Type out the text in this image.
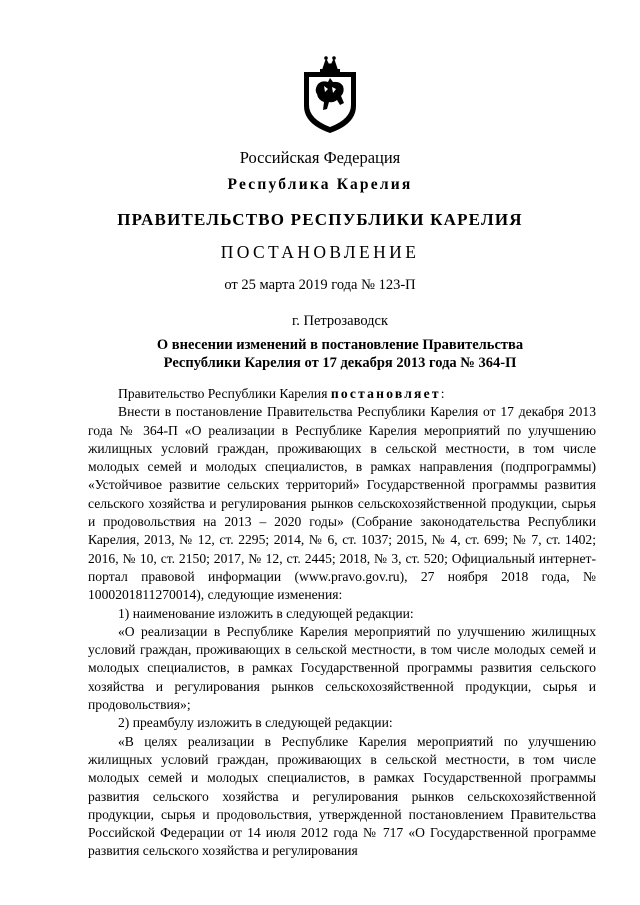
Российская Федерация
Республика Карелия
ПРАВИТЕЛЬСТВО РЕСПУБЛИКИ КАРЕЛИЯ
ПОСТАНОВЛЕНИЕ
от 25 марта 2019 года № 123-П
г. Петрозаводск
О внесении изменений в постановление Правительства
Республики Карелия от 17 декабря 2013 года № 364-П

Правительство Республики Карелия постановляет:

Внести в постановление Правительства Республики Карелия от 17 декабря 2013 года № 364-П «О реализации в Республике Карелия мероприятий по улучшению жилищных условий граждан, проживающих в сельской местности, в том числе молодых семей и молодых специалистов, в рамках направления (подпрограммы) «Устойчивое развитие сельских территорий» Государственной программы развития сельского хозяйства и регулирования рынков сельскохозяйственной продукции, сырья и продовольствия на 2013 – 2020 годы» (Собрание законодательства Республики Карелия, 2013, № 12, ст. 2295; 2014, № 6, ст. 1037; 2015, № 4, ст. 699; № 7, ст. 1402; 2016, № 10, ст. 2150; 2017, № 12, ст. 2445; 2018, № 3, ст. 520; Официальный интернет-портал правовой информации (www.pravo.gov.ru), 27 ноября 2018 года, № 1000201811270014), следующие изменения:

1) наименование изложить в следующей редакции:

«О реализации в Республике Карелия мероприятий по улучшению жилищных условий граждан, проживающих в сельской местности, в том числе молодых семей и молодых специалистов, в рамках Государственной программы развития сельского хозяйства и регулирования рынков сельскохозяйственной продукции, сырья и продовольствия»;

2) преамбулу изложить в следующей редакции:

«В целях реализации в Республике Карелия мероприятий по улучшению жилищных условий граждан, проживающих в сельской местности, в том числе молодых семей и молодых специалистов, в рамках Государственной программы развития сельского хозяйства и регулирования рынков сельскохозяйственной продукции, сырья и продовольствия, утвержденной постановлением Правительства Российской Федерации от 14 июля 2012 года № 717 «О Государственной программе развития сельского хозяйства и регулирования
